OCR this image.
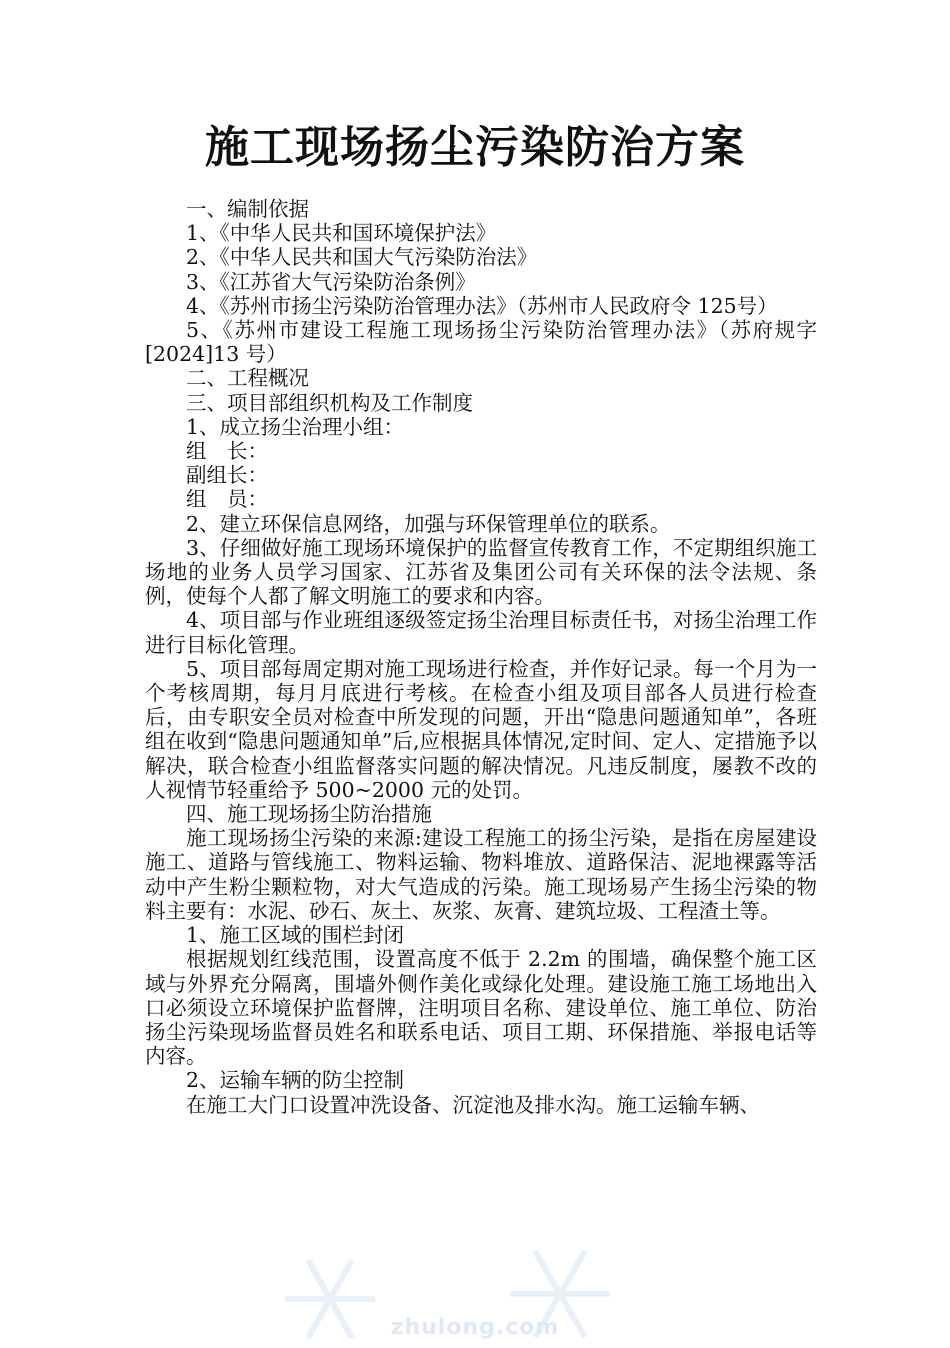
施工现场扬尘污染防治方案

一、编制依据

1、《中华人民共和国环境保护法》

2、《中华人民共和国大气污染防治法》

3、《江苏省大气污染防治条例》

4、《苏州市扬尘污染防治管理办法》（苏州市人民政府令 125号）

5、《苏州市建设工程施工现场扬尘污染防治管理办法》（苏府规字[2024]13 号）

二、工程概况

三、项目部组织机构及工作制度

1、成立扬尘治理小组：

组　长：

副组长：

组　员：

2、建立环保信息网络，加强与环保管理单位的联系。

3、仔细做好施工现场环境保护的监督宣传教育工作，不定期组织施工场地的业务人员学习国家、江苏省及集团公司有关环保的法令法规、条例，使每个人都了解文明施工的要求和内容。

4、项目部与作业班组逐级签定扬尘治理目标责任书，对扬尘治理工作进行目标化管理。

5、项目部每周定期对施工现场进行检查，并作好记录。每一个月为一个考核周期，每月月底进行考核。在检查小组及项目部各人员进行检查后，由专职安全员对检查中所发现的问题，开出“隐患问题通知单”，各班组在收到“隐患问题通知单”后,应根据具体情况,定时间、定人、定措施予以解决，联合检查小组监督落实问题的解决情况。凡违反制度，屡教不改的人视情节轻重给予 500~2000 元的处罚。

四、施工现场扬尘防治措施

施工现场扬尘污染的来源:建设工程施工的扬尘污染，是指在房屋建设施工、道路与管线施工、物料运输、物料堆放、道路保洁、泥地裸露等活动中产生粉尘颗粒物，对大气造成的污染。施工现场易产生扬尘污染的物料主要有：水泥、砂石、灰土、灰浆、灰膏、建筑垃圾、工程渣土等。

1、施工区域的围栏封闭

根据规划红线范围，设置高度不低于 2.2m 的围墙，确保整个施工区域与外界充分隔离，围墙外侧作美化或绿化处理。建设施工施工场地出入口必须设立环境保护监督牌，注明项目名称、建设单位、施工单位、防治扬尘污染现场监督员姓名和联系电话、项目工期、环保措施、举报电话等内容。

2、运输车辆的防尘控制

在施工大门口设置冲洗设备、沉淀池及排水沟。施工运输车辆、

zhulong.com
